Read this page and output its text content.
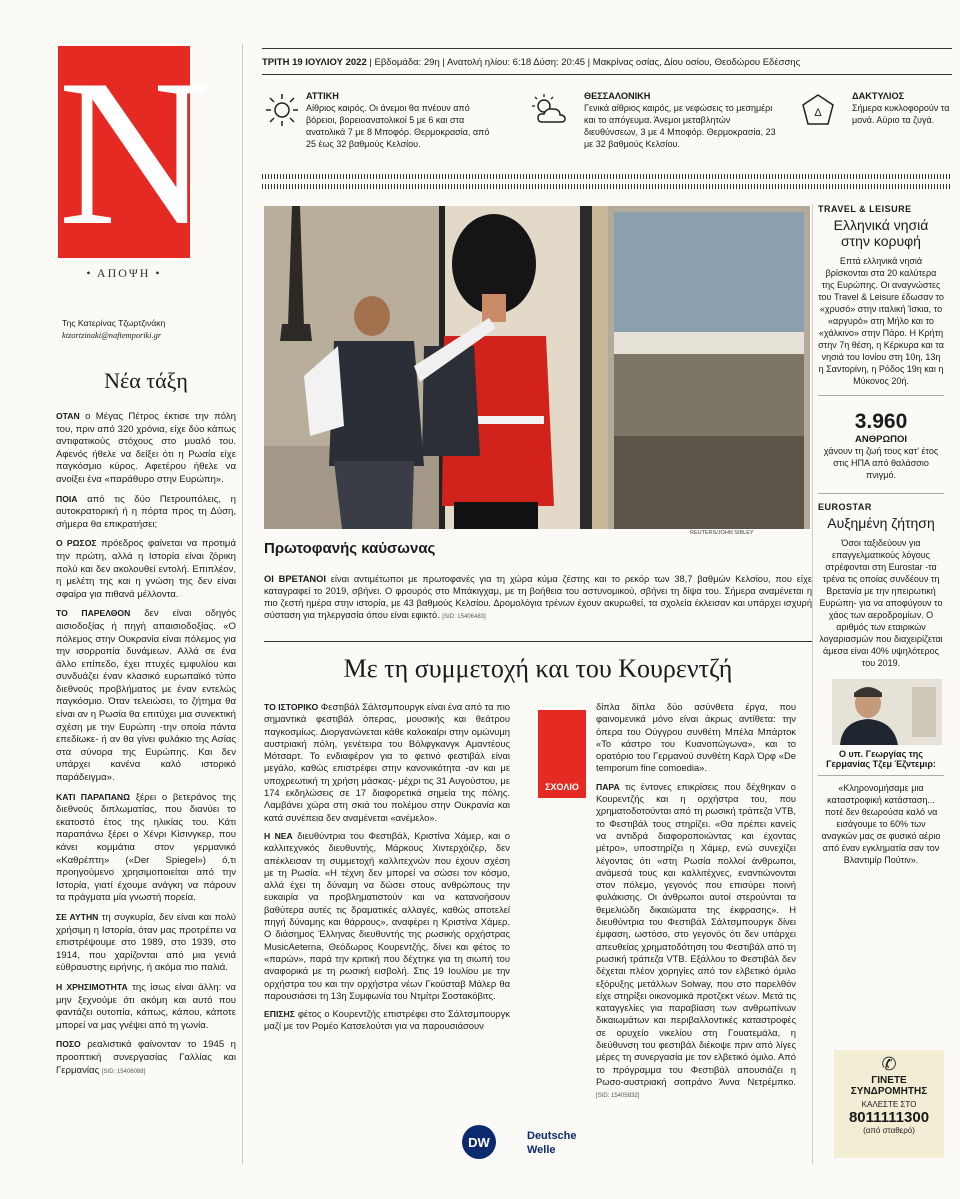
N
• ΑΠΟΨΗ •
Της Κατερίνας Τζωρτζινάκη
ktzortzinaki@naftemporiki.gr
Νέα τάξη

ΟΤΑΝ ο Μέγας Πέτρος έκτισε την πόλη του, πριν από 320 χρόνια, είχε δύο κάπως αντιφατικούς στόχους στο μυαλό του. Αφενός ήθελε να δείξει ότι η Ρωσία είχε παγκόσμιο κύρος. Αφετέρου ήθελε να ανοίξει ένα «παράθυρο στην Ευρώπη».

ΠΟΙΑ από τις δύο Πετρουπόλεις, η αυτοκρατορική ή η πόρτα προς τη Δύση, σήμερα θα επικρατήσει;

Ο ΡΩΣΟΣ πρόεδρος φαίνεται να προτιμά την πρώτη, αλλά η Ιστορία είναι ζόρικη πολύ και δεν ακολουθεί εντολή. Επιπλέον, η μελέτη της και η γνώση της δεν είναι σφαίρα για πιθανά μέλλοντα.

ΤΟ ΠΑΡΕΛΘΟΝ δεν είναι οδηγός αισιοδοξίας ή πηγή απαισιοδοξίας. «Ο πόλεμος στην Ουκρανία είναι πόλεμος για την ισορροπία δυνάμεων. Αλλά σε ένα άλλο επίπεδο, έχει πτυχές εμφυλίου και συνδυάζει έναν κλασικό ευρωπαϊκό τύπο διεθνούς προβλήματος με έναν εντελώς παγκόσμιο. Όταν τελειώσει, το ζήτημα θα είναι αν η Ρωσία θα επιτύχει μια συνεκτική σχέση με την Ευρώπη -την οποία πάντα επεδίωκε- ή αν θα γίνει φυλάκιο της Ασίας στα σύνορα της Ευρώπης. Και δεν υπάρχει κανένα καλό ιστορικό παράδειγμα».

ΚΑΤΙ ΠΑΡΑΠΑΝΩ ξέρει ο βετεράνος της διεθνούς διπλωματίας, που διανύει το εκατοστό έτος της ηλικίας του. Κάτι παραπάνω ξέρει ο Χένρι Κίσινγκερ, που κάνει κομμάτια στον γερμανικό «Καθρέπτη» («Der Spiegel») ό,τι προηγούμενο χρησιμοποιείται από την Ιστορία, γιατί έχουμε ανάγκη να πάρουν τα πράγματα μία γνωστή πορεία.

ΣΕ ΑΥΤΗΝ τη συγκυρία, δεν είναι και πολύ χρήσιμη η Ιστορία, όταν μας προτρέπει να επιστρέψουμε στο 1989, στο 1939, στο 1914, που χαρίζονται από μια γενιά εύθραυστης ειρήνης, ή ακόμα πιο παλιά.

Η ΧΡΗΣΙΜΟΤΗΤΑ της ίσως είναι άλλη: να μην ξεχνούμε ότι ακόμη και αυτό που φαντάζει ουτοπία, κάπως, κάπου, κάποτε μπορεί να μας γνέψει από τη γωνία.

ΠΟΣΟ ρεαλιστικά φαίνονταν το 1945 η προοπτική συνεργασίας Γαλλίας και Γερμανίας [SID: 15406088]

ΤΡΙΤΗ 19 ΙΟΥΛΙΟΥ 2022 | Εβδομάδα: 29η | Ανατολή ηλίου: 6:18 Δύση: 20:45 | Μακρίνας οσίας, Δίου οσίου, Θεοδώρου Εδέσσης
Δ
ΑΤΤΙΚΗ
Αίθριος καιρός. Οι άνεμοι θα πνέουν από βόρειοι, βορειοανατολικοί 5 με 6 και στα ανατολικά 7 με 8 Μποφόρ. Θερμοκρασία, από 25 έως 32 βαθμούς Κελσίου.
ΘΕΣΣΑΛΟΝΙΚΗ
Γενικά αίθριος καιρός, με νεφώσεις το μεσημέρι και το απόγευμα. Άνεμοι μεταβλητών διευθύνσεων, 3 με 4 Μποφόρ. Θερμοκρασία, 23 με 32 βαθμούς Κελσίου.
ΔΑΚΤΥΛΙΟΣ
Σήμερα κυκλοφορούν τα μονά. Αύριο τα ζυγά.
REUTERS/JOHN SIBLEY
Πρωτοφανής καύσωνας

ΟΙ ΒΡΕΤΑΝΟΙ είναι αντιμέτωποι με πρωτοφανές για τη χώρα κύμα ζέστης και το ρεκόρ των 38,7 βαθμών Κελσίου, που είχε καταγραφεί το 2019, σβήνει. Ο φρουρός στο Μπάκιγχαμ, με τη βοήθεια του αστυνομικού, σβήνει τη δίψα του. Σήμερα αναμένεται η πιο ζεστή ημέρα στην ιστορία, με 43 βαθμούς Κελσίου. Δρομολόγια τρένων έχουν ακυρωθεί, τα σχολεία έκλεισαν και υπάρχει ισχυρή σύσταση για τηλεργασία όπου είναι εφικτό. [SID: 15406483]

Με τη συμμετοχή και του Κουρεντζή

ΤΟ ΙΣΤΟΡΙΚΟ Φεστιβάλ Σάλτσμπουργκ είναι ένα από τα πιο σημαντικά φεστιβάλ όπερας, μουσικής και θεάτρου παγκοσμίως. Διοργανώνεται κάθε καλοκαίρι στην ομώνυμη αυστριακή πόλη, γενέτειρα του Βόλφγκανγκ Αμαντέους Μότσαρτ. Το ενδιαφέρον για το φετινό φεστιβάλ είναι μεγάλο, καθώς επιστρέφει στην κανονικότητα -αν και με υποχρεωτική τη χρήση μάσκας- μέχρι τις 31 Αυγούστου, με 174 εκδηλώσεις σε 17 διαφορετικά σημεία της πόλης. Λαμβάνει χώρα στη σκιά του πολέμου στην Ουκρανία και κατά συνέπεια δεν αναμένεται «ανέμελο».

Η ΝΕΑ διευθύντρια του Φεστιβάλ, Κριστίνα Χάμερ, και ο καλλιτεχνικός διευθυντής, Μάρκους Χιντερχόιζερ, δεν απέκλεισαν τη συμμετοχή καλλιτεχνών που έχουν σχέση με τη Ρωσία. «Η τέχνη δεν μπορεί να σώσει τον κόσμο, αλλά έχει τη δύναμη να δώσει στους ανθρώπους την ευκαιρία να προβληματιστούν και να κατανοήσουν βαθύτερα αυτές τις δραματικές αλλαγές, καθώς αποτελεί πηγή δύναμης και θάρρους», αναφέρει η Κριστίνα Χάμερ. Ο διάσημος Έλληνας διευθυντής της ρωσικής ορχήστρας MusicAeterna, Θεόδωρος Κουρεντζής, δίνει και φέτος το «παρών», παρά την κριτική που δέχτηκε για τη σιωπή του αναφορικά με τη ρωσική εισβολή. Στις 19 Ιουλίου με την ορχήστρα του και την ορχήστρα νέων Γκούσταβ Μάλερ θα παρουσιάσει τη 13η Συμφωνία του Ντμίτρι Σοστακόβιτς.

ΕΠΙΣΗΣ φέτος ο Κουρεντζής επιστρέφει στο Σάλτσμπουργκ μαζί με τον Ρομέο Κατσελούτσι για να παρουσιάσουν

ΣΧΟΛΙΟ

δίπλα δίπλα δύο ασύνθετα έργα, που φαινομενικά μόνο είναι άκρως αντίθετα: την όπερα του Ούγγρου συνθέτη Μπέλα Μπάρτοκ «Το κάστρο του Κυανοπώγωνα», και το ορατόριο του Γερμανού συνθέτη Καρλ Όρφ «De temporum fine comoedia».

ΠΑΡΑ τις έντονες επικρίσεις που δέχθηκαν ο Κουρεντζής και η ορχήστρα του, που χρηματοδοτούνται από τη ρωσική τράπεζα VTB, το Φεστιβάλ τους στηρίζει. «Θα πρέπει κανείς να αντιδρά διαφοροποιώντας και έχοντας μέτρο», υποστηρίζει η Χάμερ, ενώ συνεχίζει λέγοντας ότι «στη Ρωσία πολλοί άνθρωποι, ανάμεσά τους και καλλιτέχνες, εναντιώνονται στον πόλεμο, γεγονός που επισύρει ποινή φυλάκισης. Οι άνθρωποι αυτοί στερούνται τα θεμελιώδη δικαιώματα της έκφρασης». Η διευθύντρια του Φεστιβάλ Σάλτσμπουργκ δίνει έμφαση, ωστόσο, στο γεγονός ότι δεν υπάρχει απευθείας χρηματοδότηση του Φεστιβάλ από τη ρωσική τράπεζα VTB. Εξάλλου το Φεστιβάλ δεν δέχεται πλέον χορηγίες από τον ελβετικό όμιλο εξόρυξης μετάλλων Solway, που στο παρελθόν είχε στηρίξει οικονομικά προτζεκτ νέων. Μετά τις καταγγελίες για παραβίαση των ανθρωπίνων δικαιωμάτων και περιβαλλοντικές καταστροφές σε ορυχείο νικελίου στη Γουατεμάλα, η διεύθυνση του φεστιβάλ διέκοψε πριν από λίγες μέρες τη συνεργασία με τον ελβετικό όμιλο. Από το πρόγραμμα του Φεστιβάλ απουσιάζει η Ρωσο-αυστριακή σοπράνο Άννα Νετρέμπκο. [SID: 15405832]

DW	Deutsche
Welle
TRAVEL & LEISURE
Ελληνικά νησιά στην κορυφή

Επτά ελληνικά νησιά βρίσκονται στα 20 καλύτερα της Ευρώπης. Οι αναγνώστες του Travel & Leisure έδωσαν το «χρυσό» στην ιταλική Ίσκια, το «αργυρό» στη Μήλο και το «χάλκινο» στην Πάρο. Η Κρήτη στην 7η θέση, η Κέρκυρα και τα νησιά του Ιονίου στη 10η, 13η η Σαντορίνη, η Ρόδος 19η και η Μύκονος 20ή.

3.960
ΑΝΘΡΩΠΟΙ

χάνουν τη ζωή τους κατ' έτος στις ΗΠΑ από θαλάσσιο πνιγμό.

EUROSTAR
Αυξημένη ζήτηση

Όσοι ταξιδεύουν για επαγγελματικούς λόγους στρέφονται στη Eurostar -τα τρένα τις οποίας συνδέουν τη Βρετανία με την ηπειρωτική Ευρώπη- για να αποφύγουν το χάος των αεροδρομίων. Ο αριθμός των εταιρικών λογαριασμών που διαχειρίζεται άμεσα είναι 40% υψηλότερος του 2019.

Ο υπ. Γεωργίας της Γερμανίας Τζεμ Έζντεμιρ:

«Κληρονομήσαμε μια καταστροφική κατάσταση... ποτέ δεν θεωρούσα καλό να εισάγουμε το 60% των αναγκών μας σε φυσικό αέριο από έναν εγκληματία σαν τον Βλαντιμίρ Πούτιν».

✆
ΓΙΝΕΤΕ
ΣΥΝΔΡΟΜΗΤΗΣ
ΚΑΛΕΣΤΕ ΣΤΟ
8011111300
(από σταθερό)
